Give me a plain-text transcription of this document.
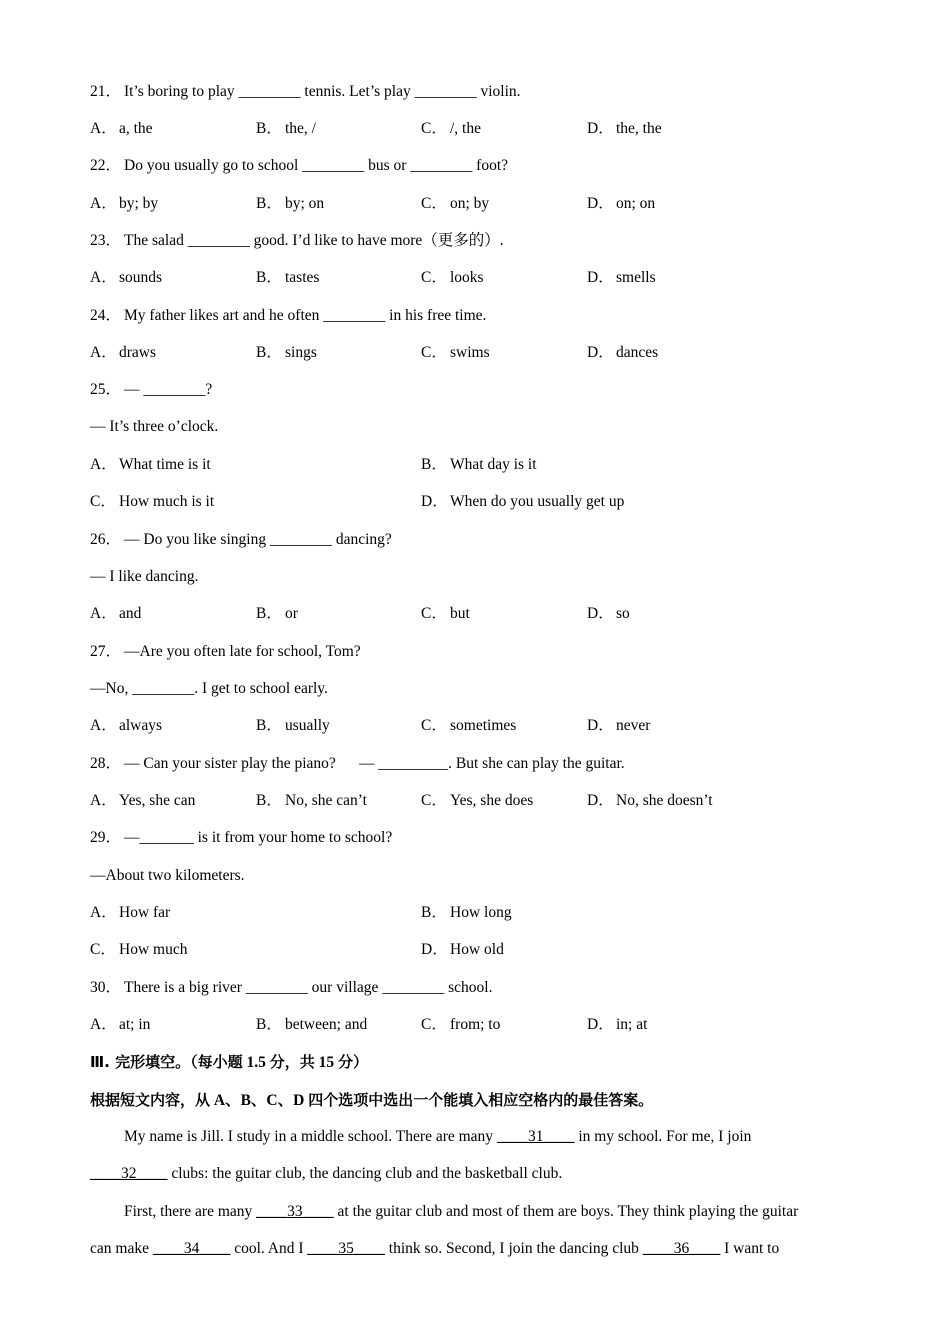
21． It’s boring to play ________ tennis. Let’s play ________ violin.

A． a, the

	B． the, /

	C． /, the

	D． the, the

22． Do you usually go to school ________ bus or ________ foot?

A． by; by

	B． by; on

	C． on; by

	D． on; on

23． The salad ________ good. I’d like to have more（更多的）.

A． sounds

	B． tastes

	C． looks

	D． smells

24． My father likes art and he often ________ in his free time.

A． draws

	B． sings

	C． swims

	D． dances

25． — ________?
— It’s three o’clock.

A． What time is it

	B． What day is it

C． How much is it

	D． When do you usually get up

26． — Do you like singing ________ dancing?
— I like dancing.

A． and

	B． or

	C． but

	D． so

27． —Are you often late for school, Tom?
—No, ________. I get to school early.

A． always

	B． usually

	C． sometimes

	D． never

28． — Can your sister play the piano?      — _________. But she can play the guitar.

A． Yes, she can

	B． No, she can’t

	C． Yes, she does

	D． No, she doesn’t

29． —_______ is it from your home to school?
—About two kilometers.

A． How far

	B． How long

C． How much

	D． How old

30． There is a big river ________ our village ________ school.

A． at; in

	B． between; and

	C． from; to

	D． in; at

Ⅲ. 完形填空。（每小题 1.5 分，共 15 分）
根据短文内容，从 A、B、C、D 四个选项中选出一个能填入相应空格内的最佳答案。
My name is Jill. I study in a middle school. There are many ____31____ in my school. For me, I join
____32____ clubs: the guitar club, the dancing club and the basketball club.
First, there are many ____33____ at the guitar club and most of them are boys. They think playing the guitar
can make ____34____ cool. And I ____35____ think so. Second, I join the dancing club ____36____ I want to
